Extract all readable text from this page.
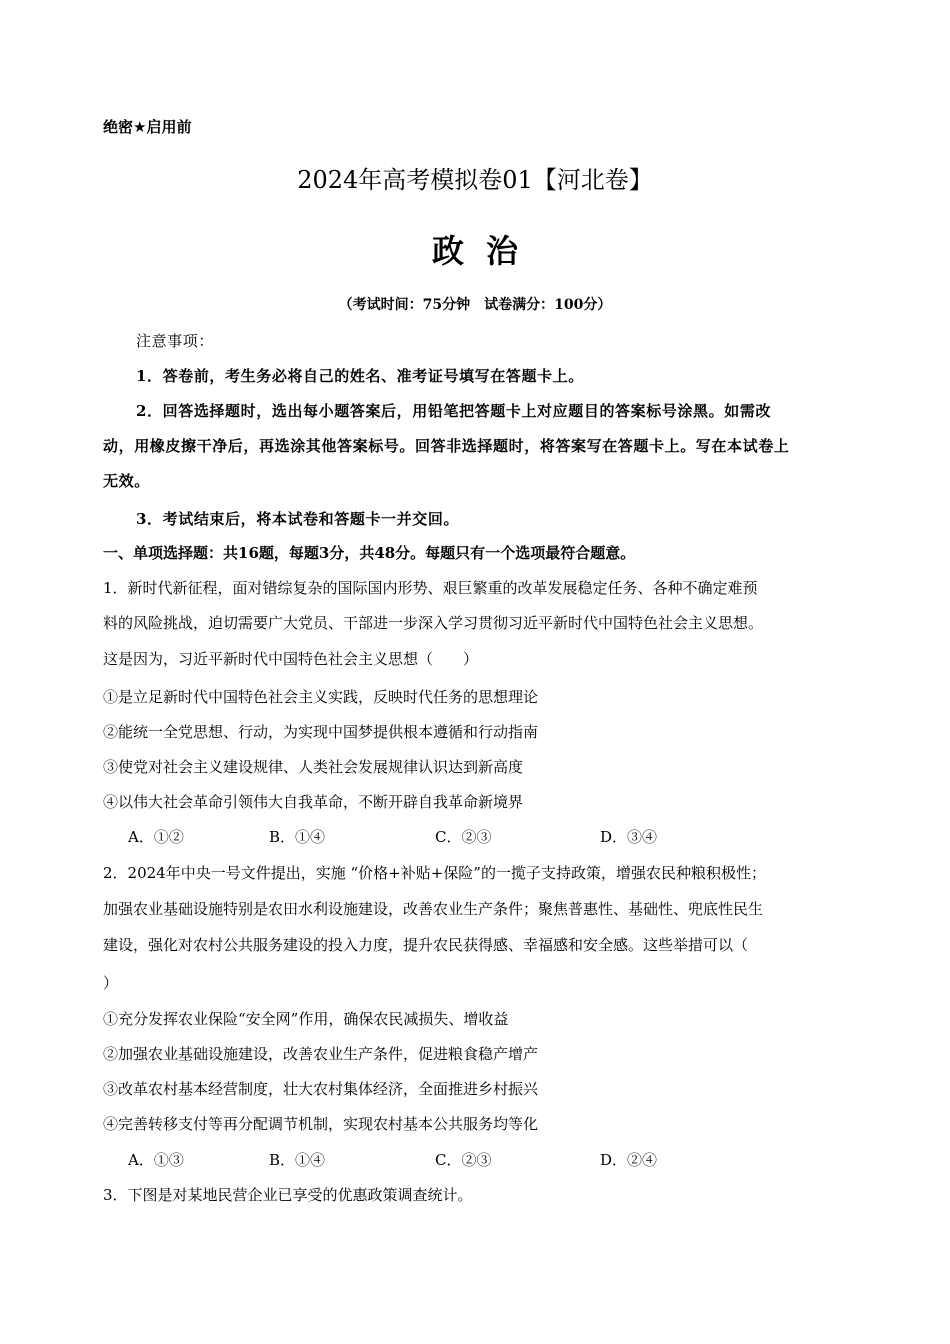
绝密★启用前
2024年高考模拟卷01【河北卷】
政治
（考试时间：75分钟　试卷满分：100分）
注意事项：
1．答卷前，考生务必将自己的姓名、准考证号填写在答题卡上。
2．回答选择题时，选出每小题答案后，用铅笔把答题卡上对应题目的答案标号涂黑。如需改
动，用橡皮擦干净后，再选涂其他答案标号。回答非选择题时，将答案写在答题卡上。写在本试卷上
无效。
3．考试结束后，将本试卷和答题卡一并交回。
一、单项选择题：共16题，每题3分，共48分。每题只有一个选项最符合题意。
1．新时代新征程，面对错综复杂的国际国内形势、艰巨繁重的改革发展稳定任务、各种不确定难预
料的风险挑战，迫切需要广大党员、干部进一步深入学习贯彻习近平新时代中国特色社会主义思想。
这是因为，习近平新时代中国特色社会主义思想（　　）
①是立足新时代中国特色社会主义实践，反映时代任务的思想理论
②能统一全党思想、行动，为实现中国梦提供根本遵循和行动指南
③使党对社会主义建设规律、人类社会发展规律认识达到新高度
④以伟大社会革命引领伟大自我革命，不断开辟自我革命新境界
A．①②	B．①④	C．②③	D．③④
2．2024年中央一号文件提出，实施 “价格+补贴+保险”的一揽子支持政策，增强农民种粮积极性；
加强农业基础设施特别是农田水利设施建设，改善农业生产条件；聚焦普惠性、基础性、兜底性民生
建设，强化对农村公共服务建设的投入力度，提升农民获得感、幸福感和安全感。这些举措可以（
）
①充分发挥农业保险“安全网”作用，确保农民减损失、增收益
②加强农业基础设施建设，改善农业生产条件，促进粮食稳产增产
③改革农村基本经营制度，壮大农村集体经济，全面推进乡村振兴
④完善转移支付等再分配调节机制，实现农村基本公共服务均等化
A．①③	B．①④	C．②③	D．②④
3．下图是对某地民营企业已享受的优惠政策调查统计。
